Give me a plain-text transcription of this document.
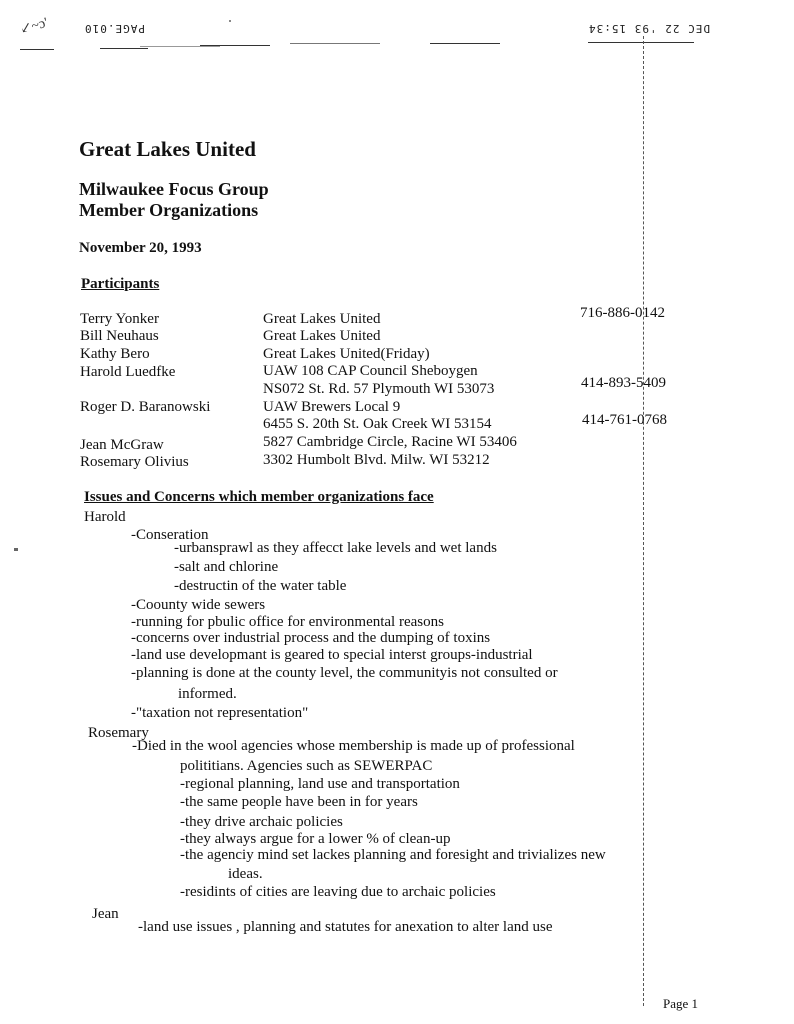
↙~ɔ'	PAGE.010	DEC 22 '93 15:34
Great Lakes United
Milwaukee Focus Group
Member Organizations
November 20, 1993
Participants
Terry Yonker
Bill Neuhaus
Kathy Bero
Harold Luedfke
Roger D. Baranowski
Jean McGraw
Rosemary Olivius
Great Lakes United
Great Lakes United
Great Lakes United(Friday)
UAW 108 CAP Council Sheboygen
NS072 St. Rd. 57 Plymouth WI 53073
UAW Brewers Local 9
6455 S. 20th St. Oak Creek WI 53154
5827 Cambridge Circle, Racine WI 53406
3302 Humbolt Blvd. Milw. WI 53212
716-886-0142
414-893-5409
414-761-0768
Issues and Concerns which member organizations face
Harold
-Conseration
-urbansprawl as they affecct lake levels and wet lands
-salt and chlorine
-destructin of the water table
-Coounty wide sewers
-running for pbulic office for environmental reasons
-concerns over industrial process and the dumping of toxins
-land use developmant is geared to special interst groups-industrial
-planning is done at the county level, the communityis not consulted or
informed.
-"taxation not representation"
Rosemary
-Died in the wool agencies whose membership is made up of professional
polititians. Agencies such as SEWERPAC
-regional planning, land use and transportation
-the same people have been in for years
-they drive archaic policies
-they always argue for a lower % of clean-up
-the agenciy mind set lackes planning and foresight and trivializes new
ideas.
-residints of cities are leaving due to archaic policies
Jean
-land use issues , planning and statutes for anexation to alter land use
Page 1
